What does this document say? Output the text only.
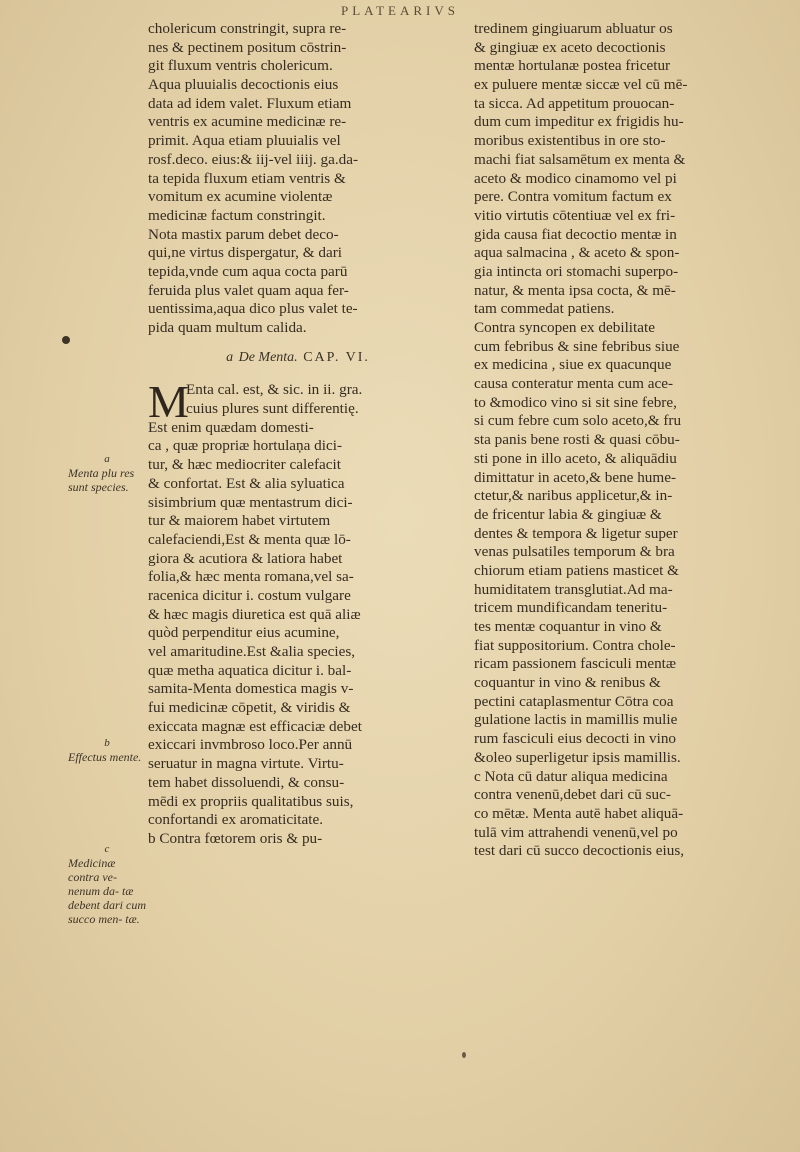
PLATEARIVS
cholericum constringit, supra re-
nes & pectinem positum cōstrin-
git fluxum ventris cholericum.
Aqua pluuialis decoctionis eius
data ad idem valet. Fluxum etiam
ventris ex acumine medicinæ re-
primit. Aqua etiam pluuialis vel
rosf.deco. eius:& iij-vel iiij. ga.da-
ta tepida fluxum etiam ventris &
vomitum ex acumine violentæ
medicinæ factum constringit.
Nota mastix parum debet deco-
qui,ne virtus dispergatur, & dari
tepida,vnde cum aqua cocta parū
feruida plus valet quam aqua fer-
uentissima,aqua dico plus valet te-
pida quam multum calida.
a De Menta. CAP. VI.
M
Enta cal. est, & sic. in ii. gra.
cuius plures sunt differentię.
Est enim quædam domesti-
ca , quæ propriæ hortulaņa dici-
tur, & hæc mediocriter calefacit
& confortat. Est & alia syluatica
sisimbrium quæ mentastrum dici-
tur & maiorem habet virtutem
calefaciendi,Est & menta quæ lō-
giora & acutiora & latiora habet
folia,& hæc menta romana,vel sa-
racenica dicitur i. costum vulgare
& hæc magis diuretica est quā aliæ
quòd perpenditur eius acumine,
vel amaritudine.Est &alia species,
quæ metha aquatica dicitur i. bal-
samita-Menta domestica magis v-
fui medicinæ cōpetit, & viridis &
exiccata magnæ est efficaciæ debet
exiccari invmbroso loco.Per annū
seruatur in magna virtute. Virtu-
tem habet dissoluendi, & consu-
mēdi ex propriis qualitatibus suis,
confortandi ex aromaticitate.
b Contra fœtorem oris & pu-
tredinem gingiuarum abluatur os
& gingiuæ ex aceto decoctionis
mentæ hortulanæ postea fricetur
ex puluere mentæ siccæ vel cū mē-
ta sicca. Ad appetitum prouocan-
dum cum impeditur ex frigidis hu-
moribus existentibus in ore sto-
machi fiat salsamētum ex menta &
aceto & modico cinamomo vel pi
pere. Contra vomitum factum ex
vitio virtutis cōtentiuæ vel ex fri-
gida causa fiat decoctio mentæ in
aqua salmacina , & aceto & spon-
gia intincta ori stomachi superpo-
natur, & menta ipsa cocta, & mē-
tam commedat patiens.
Contra syncopen ex debilitate
cum febribus & sine febribus siue
ex medicina , siue ex quacunque
causa conteratur menta cum ace-
to &modico vino si sit sine febre,
si cum febre cum solo aceto,& fru
sta panis bene rosti & quasi cōbu-
sti pone in illo aceto, & aliquādiu
dimittatur in aceto,& bene hume-
ctetur,& naribus applicetur,& in-
de fricentur labia & gingiuæ &
dentes & tempora & ligetur super
venas pulsatiles temporum & bra
chiorum etiam patiens masticet &
humiditatem transglutiat.Ad ma-
tricem mundificandam teneritu-
tes mentæ coquantur in vino &
fiat suppositorium. Contra chole-
ricam passionem fasciculi mentæ
coquantur in vino & renibus &
pectini cataplasmentur Cōtra coa
gulatione lactis in mamillis mulie
rum fasciculi eius decocti in vino
&oleo superligetur ipsis mamillis.
c Nota cū datur aliqua medicina
contra venenū,debet dari cū suc-
co mētæ. Menta autē habet aliquā-
tulā vim attrahendi venenū,vel po
test dari cū succo decoctionis eius,
a
Menta plu res sunt species.
b
Effectus mente.
c
Medicinæ contra ve- nenum da- tæ debent dari cum succo men- tæ.
